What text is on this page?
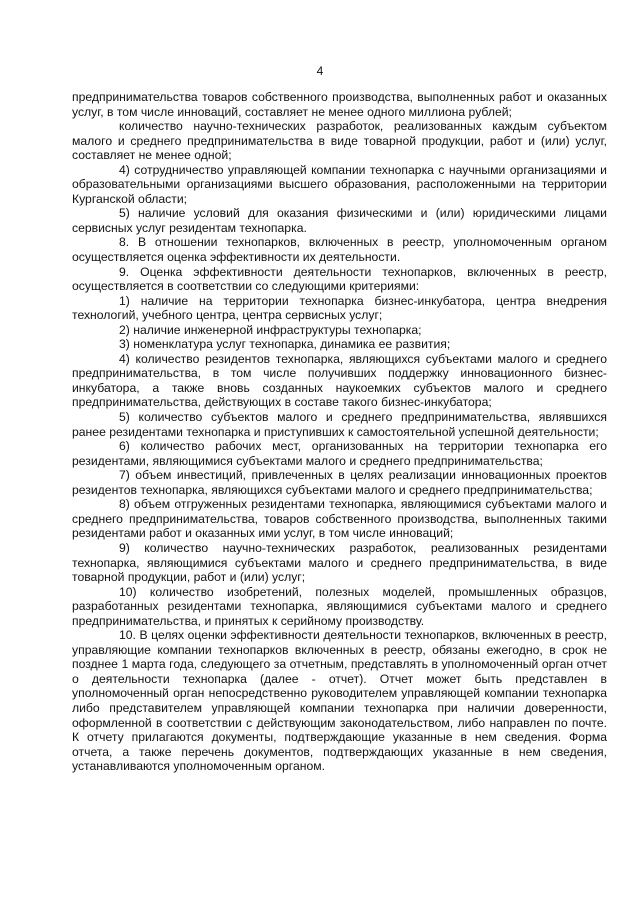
4

предпринимательства товаров собственного производства, выполненных работ и оказанных услуг, в том числе инноваций, составляет не менее одного миллиона рублей;

количество научно-технических разработок, реализованных каждым субъектом малого и среднего предпринимательства в виде товарной продукции, работ и (или) услуг, составляет не менее одной;

4) сотрудничество управляющей компании технопарка с научными организациями и образовательными организациями высшего образования, расположенными на территории Курганской области;

5) наличие условий для оказания физическими и (или) юридическими лицами сервисных услуг резидентам технопарка.

8. В отношении технопарков, включенных в реестр, уполномоченным органом осуществляется оценка эффективности их деятельности.

9. Оценка эффективности деятельности технопарков, включенных в реестр, осуществляется в соответствии со следующими критериями:

1) наличие на территории технопарка бизнес-инкубатора, центра внедрения технологий, учебного центра, центра сервисных услуг;

2) наличие инженерной инфраструктуры технопарка;

3) номенклатура услуг технопарка, динамика ее развития;

4) количество резидентов технопарка, являющихся субъектами малого и среднего предпринимательства, в том числе получивших поддержку инновационного бизнес-инкубатора, а также вновь созданных наукоемких субъектов малого и среднего предпринимательства, действующих в составе такого бизнес-инкубатора;

5) количество субъектов малого и среднего предпринимательства, являвшихся ранее резидентами технопарка и приступивших к самостоятельной успешной деятельности;

6) количество рабочих мест, организованных на территории технопарка его резидентами, являющимися субъектами малого и среднего предпринимательства;

7) объем инвестиций, привлеченных в целях реализации инновационных проектов резидентов технопарка, являющихся субъектами малого и среднего предпринимательства;

8) объем отгруженных резидентами технопарка, являющимися субъектами малого и среднего предпринимательства, товаров собственного производства, выполненных такими резидентами работ и оказанных ими услуг, в том числе инноваций;

9) количество научно-технических разработок, реализованных резидентами технопарка, являющимися субъектами малого и среднего предпринимательства, в виде товарной продукции, работ и (или) услуг;

10) количество изобретений, полезных моделей, промышленных образцов, разработанных резидентами технопарка, являющимися субъектами малого и среднего предпринимательства, и принятых к серийному производству.

10. В целях оценки эффективности деятельности технопарков, включенных в реестр, управляющие компании технопарков включенных в реестр, обязаны ежегодно, в срок не позднее 1 марта года, следующего за отчетным, представлять в уполномоченный орган отчет о деятельности технопарка (далее - отчет). Отчет может быть представлен в уполномоченный орган непосредственно руководителем управляющей компании технопарка либо представителем управляющей компании технопарка при наличии доверенности, оформленной в соответствии с действующим законодательством, либо направлен по почте. К отчету прилагаются документы, подтверждающие указанные в нем сведения. Форма отчета, а также перечень документов, подтверждающих указанные в нем сведения, устанавливаются уполномоченным органом.
